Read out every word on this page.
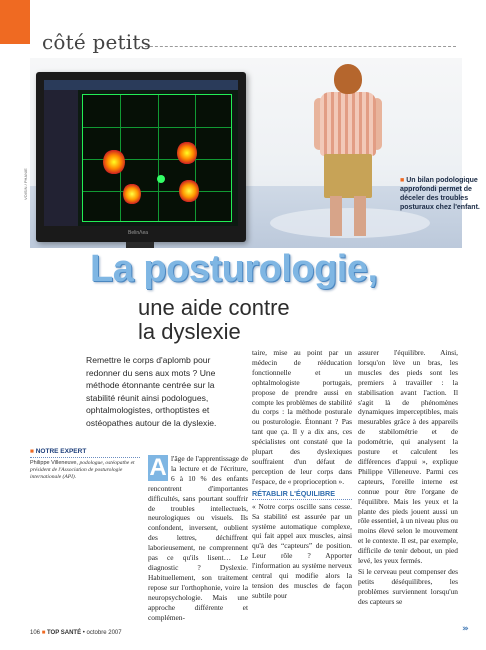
côté petits
BelinΛea
VOISIN / PHANIE	■ Un bilan podologique approfondi permet de déceler des troubles posturaux chez l'enfant.
La posturologie,
une aide contre
la dyslexie
Remettre le corps d'aplomb pour redonner du sens aux mots ? Une méthode étonnante centrée sur la stabilité réunit ainsi podologues, ophtalmologistes, orthoptistes et ostéopathes autour de la dyslexie.
■ NOTRE EXPERT
Philippe Villeneuve, podologue, ostéopathe et président de l'Association de posturologie internationale (API).	A l'âge de l'apprentissage de la lecture et de l'écriture, 6 à 10 % des enfants rencontrent d'importantes difficultés, sans pourtant souffrir de troubles intellectuels, neurologiques ou visuels. Ils confondent, inversent, oublient des lettres, déchiffrent laborieusement, ne comprennent pas ce qu'ils lisent… Le diagnostic ? Dyslexie. Habituellement, son traitement repose sur l'orthophonie, voire la neuropsychologie. Mais une approche différente et complémen-
taire, mise au point par un médecin de rééducation fonctionnelle et un ophtalmologiste portugais, propose de prendre aussi en compte les problèmes de stabilité du corps : la méthode posturale ou posturologie. Étonnant ? Pas tant que ça. Il y a dix ans, ces spécialistes ont constaté que la plupart des dyslexiques souffraient d'un défaut de perception de leur corps dans l'espace, de « proprioception ».
RÉTABLIR L'ÉQUILIBRE
« Notre corps oscille sans cesse. Sa stabilité est assurée par un système automatique complexe, qui fait appel aux muscles, ainsi qu'à des “capteurs” de position. Leur rôle ? Apporter l'information au système nerveux central qui modifie alors la tension des muscles de façon subtile pour
assurer l'équilibre. Ainsi, lorsqu'on lève un bras, les muscles des pieds sont les premiers à travailler : la stabilisation avant l'action. Il s'agit là de phénomènes dynamiques imperceptibles, mais mesurables grâce à des appareils de stabilométrie et de podométrie, qui analysent la posture et calculent les différences d'appui », explique Philippe Villeneuve. Parmi ces capteurs, l'oreille interne est connue pour être l'organe de l'équilibre. Mais les yeux et la plante des pieds jouent aussi un rôle essentiel, à un niveau plus ou moins élevé selon le mouvement et le contexte. Il est, par exemple, difficile de tenir debout, un pied levé, les yeux fermés.
Si le cerveau peut compenser des petits déséquilibres, les problèmes surviennent lorsqu'un des capteurs se
106 ■ TOP SANTÉ • octobre 2007	›››
